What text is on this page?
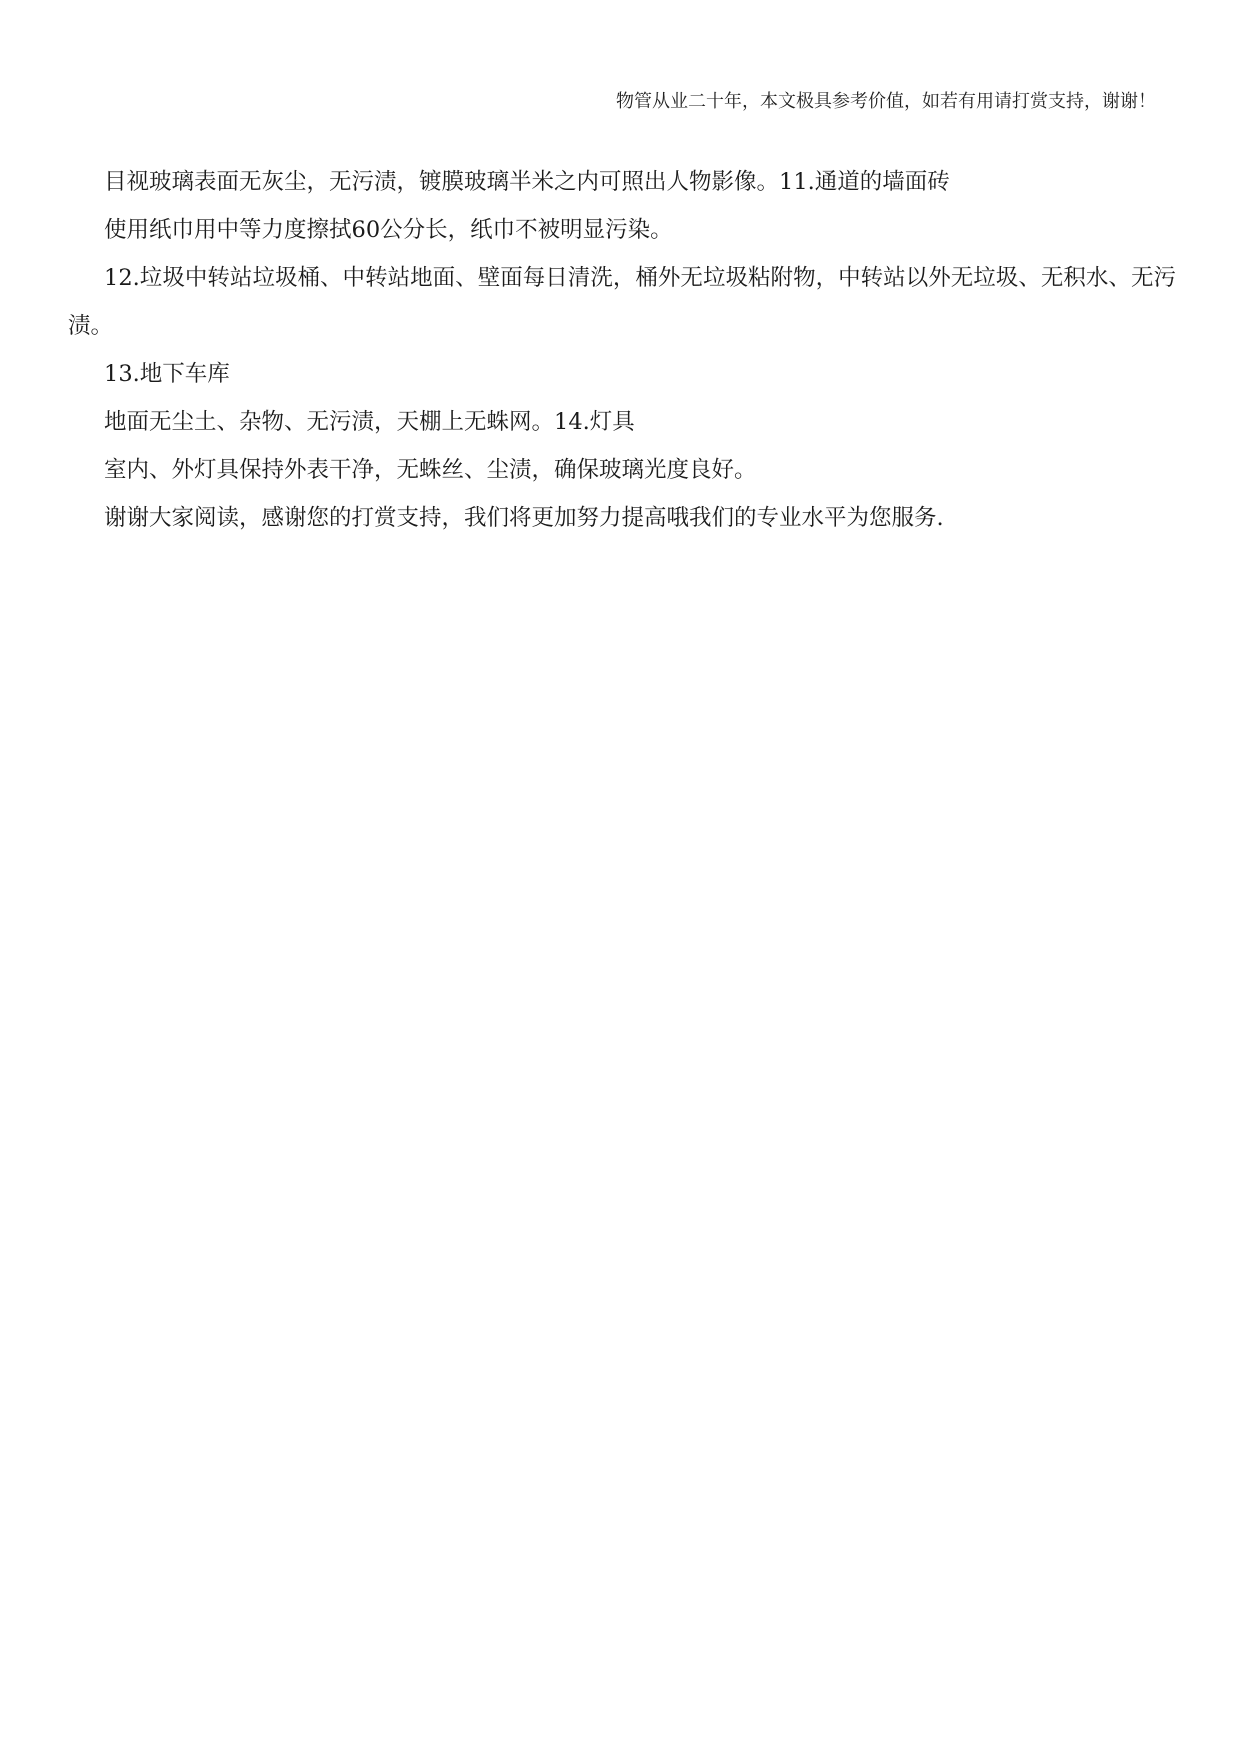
物管从业二十年，本文极具参考价值，如若有用请打赏支持，谢谢！

目视玻璃表面无灰尘，无污渍，镀膜玻璃半米之内可照出人物影像。11.通道的墙面砖

使用纸巾用中等力度擦拭60公分长，纸巾不被明显污染。

12.垃圾中转站垃圾桶、中转站地面、壁面每日清洗，桶外无垃圾粘附物，中转站以外无垃圾、无积水、无污渍。

13.地下车库

地面无尘土、杂物、无污渍，天棚上无蛛网。14.灯具

室内、外灯具保持外表干净，无蛛丝、尘渍，确保玻璃光度良好。

谢谢大家阅读，感谢您的打赏支持，我们将更加努力提高哦我们的专业水平为您服务.
